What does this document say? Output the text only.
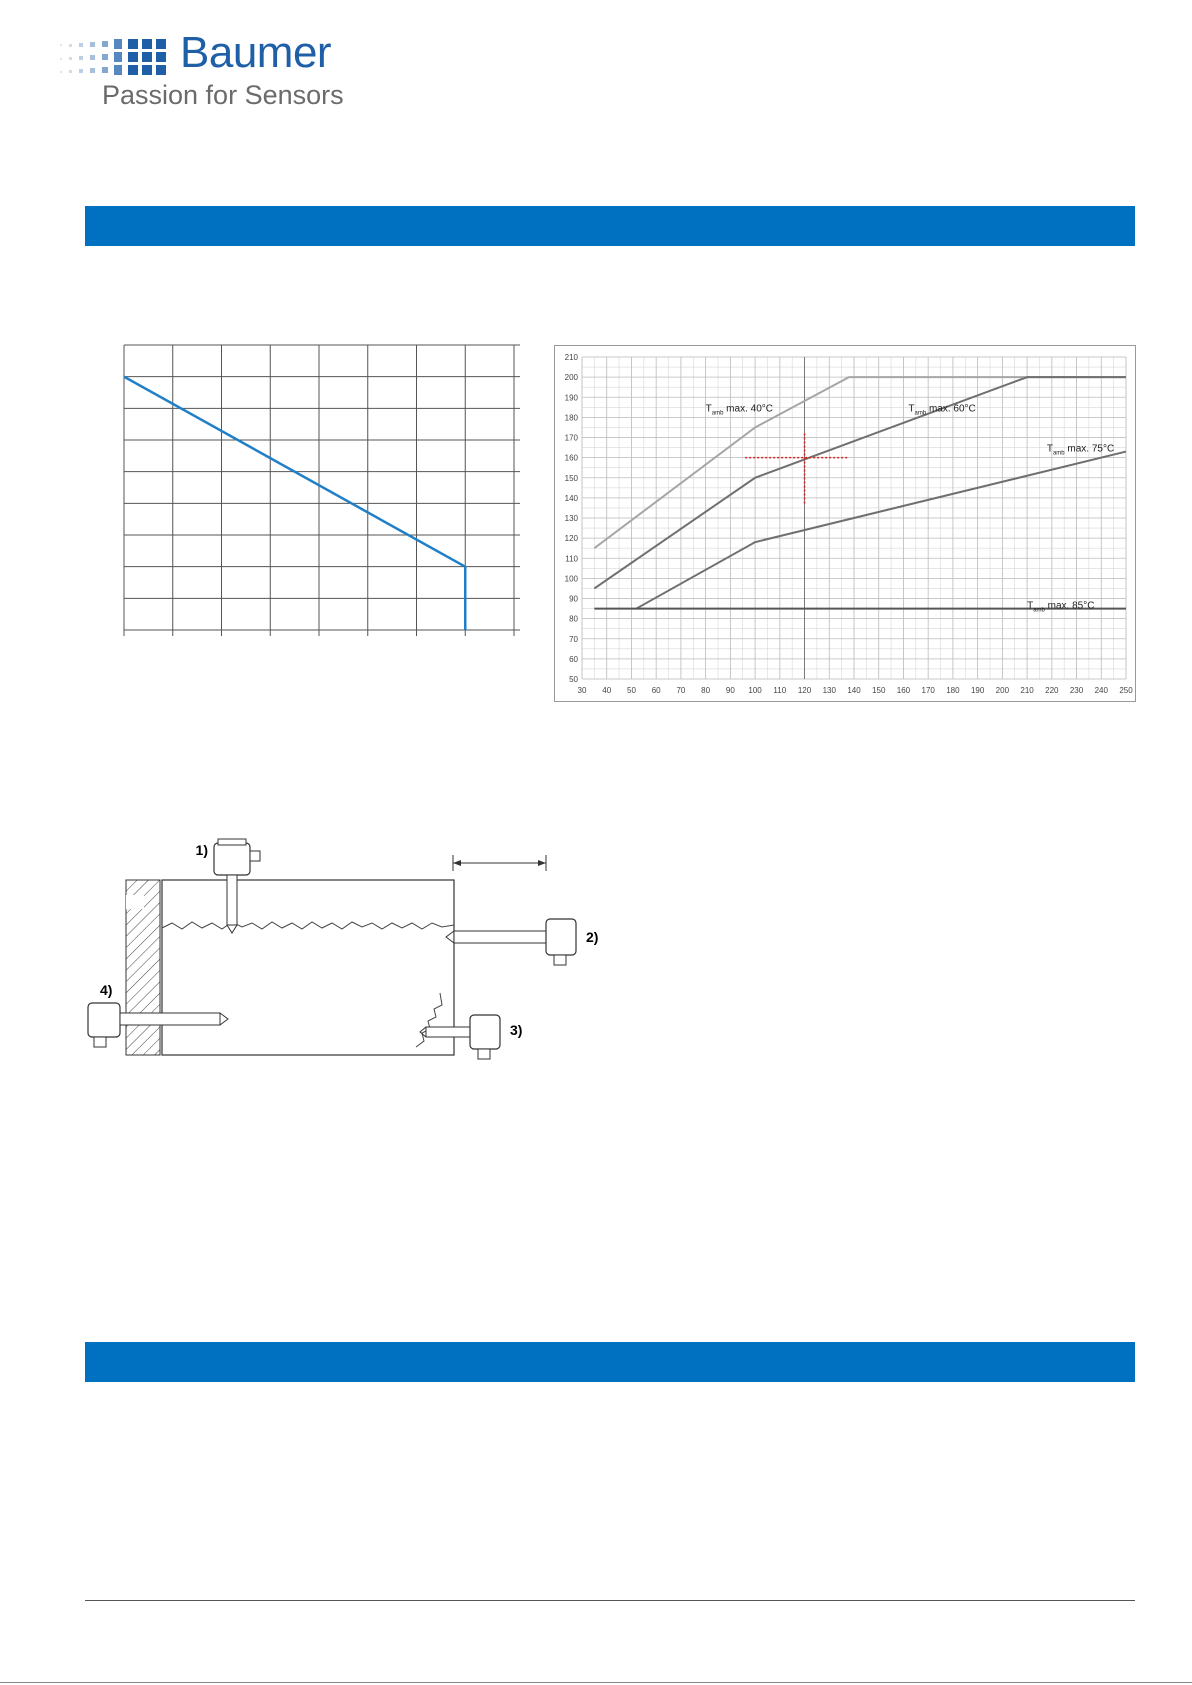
Baumer
Passion for Sensors
30 40 50 60 70 80 90 100 110 120 130 140 150 160 170 180 190 200 210 220 230 240 250
50
60
70
80
90
100
110
120
130
140
150
160
170
180
190
200
210
$T_{amb}$ max. 40°C	$T_{amb}$ max. 60°C
$T_{amb}$ max. 75°C
$T_{amb}$ max. 85°C
1)
2)
3)
4)
